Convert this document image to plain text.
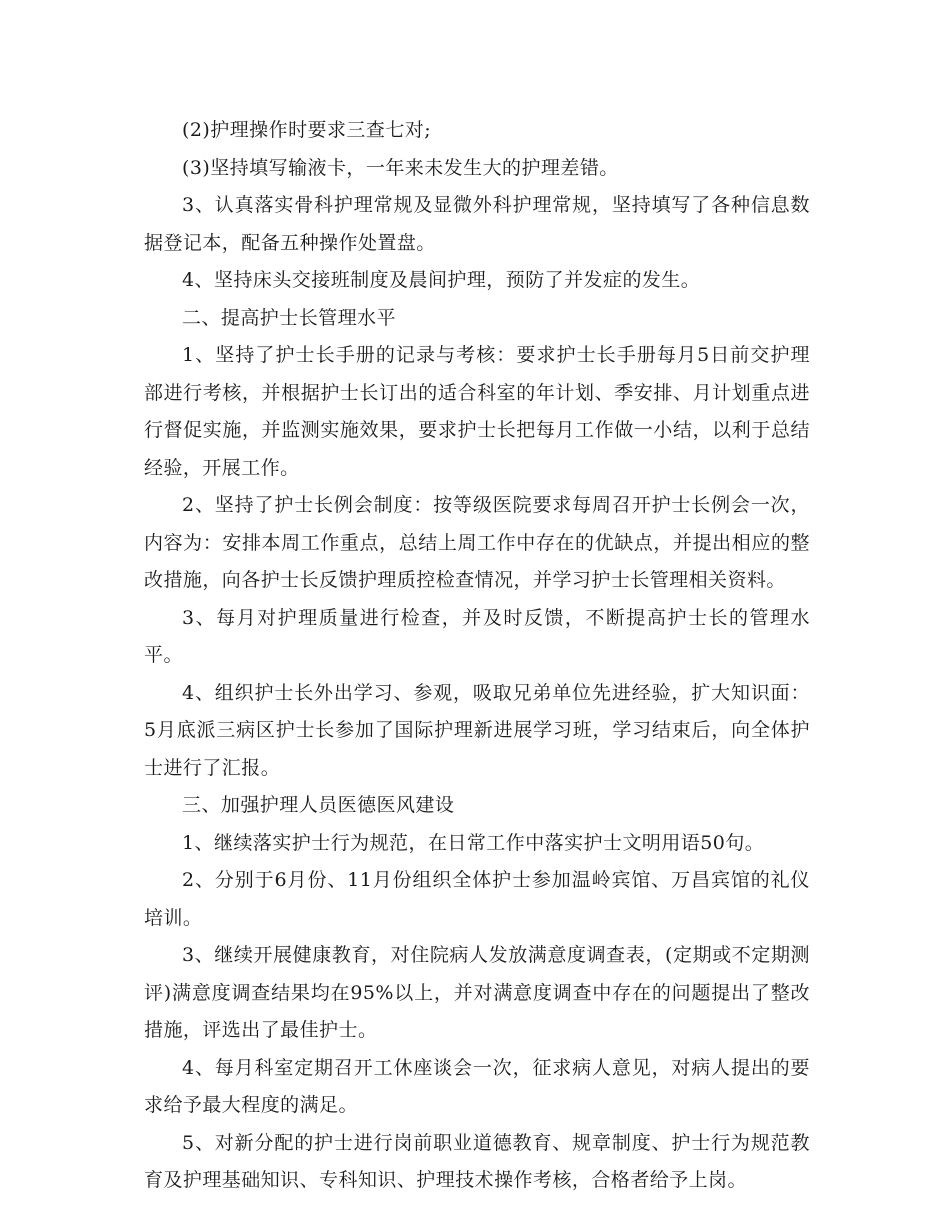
(2)护理操作时要求三查七对;

(3)坚持填写输液卡，一年来未发生大的护理差错。

3、认真落实骨科护理常规及显微外科护理常规，坚持填写了各种信息数据登记本，配备五种操作处置盘。

4、坚持床头交接班制度及晨间护理，预防了并发症的发生。

二、提高护士长管理水平

1、坚持了护士长手册的记录与考核：要求护士长手册每月5日前交护理部进行考核，并根据护士长订出的适合科室的年计划、季安排、月计划重点进行督促实施，并监测实施效果，要求护士长把每月工作做一小结，以利于总结经验，开展工作。

2、坚持了护士长例会制度：按等级医院要求每周召开护士长例会一次，内容为：安排本周工作重点，总结上周工作中存在的优缺点，并提出相应的整改措施，向各护士长反馈护理质控检查情况，并学习护士长管理相关资料。

3、每月对护理质量进行检查，并及时反馈，不断提高护士长的管理水平。

4、组织护士长外出学习、参观，吸取兄弟单位先进经验，扩大知识面：5月底派三病区护士长参加了国际护理新进展学习班，学习结束后，向全体护士进行了汇报。

三、加强护理人员医德医风建设

1、继续落实护士行为规范，在日常工作中落实护士文明用语50句。

2、分别于6月份、11月份组织全体护士参加温岭宾馆、万昌宾馆的礼仪培训。

3、继续开展健康教育，对住院病人发放满意度调查表，(定期或不定期测评)满意度调查结果均在95%以上，并对满意度调查中存在的问题提出了整改措施，评选出了最佳护士。

4、每月科室定期召开工休座谈会一次，征求病人意见，对病人提出的要求给予最大程度的满足。

5、对新分配的护士进行岗前职业道德教育、规章制度、护士行为规范教育及护理基础知识、专科知识、护理技术操作考核，合格者给予上岗。
